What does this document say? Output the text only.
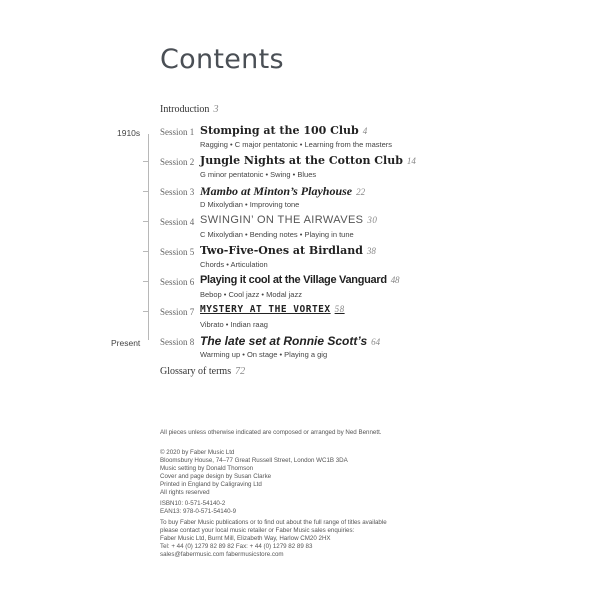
Contents
Introduction 3
1910s
Present
Session 1 Stomping at the 100 Club 4
Ragging • C major pentatonic • Learning from the masters
Session 2 Jungle Nights at the Cotton Club 14
G minor pentatonic • Swing • Blues
Session 3 Mambo at Minton’s Playhouse 22
D Mixolydian • Improving tone
Session 4 SWINGIN’ ON THE AIRWAVES 30
C Mixolydian • Bending notes • Playing in tune
Session 5 Two-Five-Ones at Birdland 38
Chords • Articulation
Session 6 Playing it cool at the Village Vanguard 48
Bebop • Cool jazz • Modal jazz
Session 7 MYSTERY AT THE VORTEX 58
Vibrato • Indian raag
Session 8 The late set at Ronnie Scott’s 64
Warming up • On stage • Playing a gig
Glossary of terms 72
All pieces unless otherwise indicated are composed or arranged by Ned Bennett.
© 2020 by Faber Music Ltd
Bloomsbury House, 74–77 Great Russell Street, London WC1B 3DA
Music setting by Donald Thomson
Cover and page design by Susan Clarke
Printed in England by Caligraving Ltd
All rights reserved
ISBN10: 0-571-54140-2
EAN13: 978-0-571-54140-9
To buy Faber Music publications or to find out about the full range of titles available
please contact your local music retailer or Faber Music sales enquiries:
Faber Music Ltd, Burnt Mill, Elizabeth Way, Harlow CM20 2HX
Tel: + 44 (0) 1279 82 89 82 Fax: + 44 (0) 1279 82 89 83
sales@fabermusic.com fabermusicstore.com
